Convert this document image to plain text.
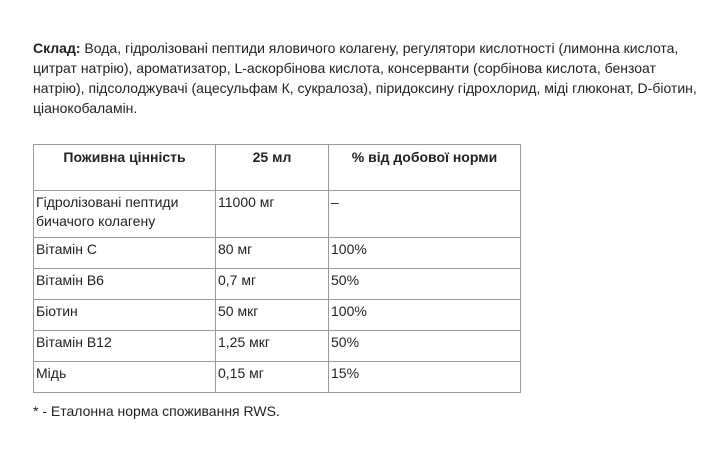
Склад: Вода, гідролізовані пептиди яловичого колагену, регулятори кислотності (лимонна кислота, цитрат натрію), ароматизатор, L-аскорбінова кислота, консерванти (сорбінова кислота, бензоат натрію), підсолоджувачі (ацесульфам К, сукралоза), піридоксину гідрохлорид, міді глюконат, D-біотин, ціанокобаламін.

Поживна цінність	25 мл	% від добової норми
Гідролізовані пептиди бичачого колагену	11000 мг	–
Вітамін С	80 мг	100%
Вітамін В6	0,7 мг	50%
Біотин	50 мкг	100%
Вітамін В12	1,25 мкг	50%
Мідь	0,15 мг	15%

* - Еталонна норма споживання RWS.
